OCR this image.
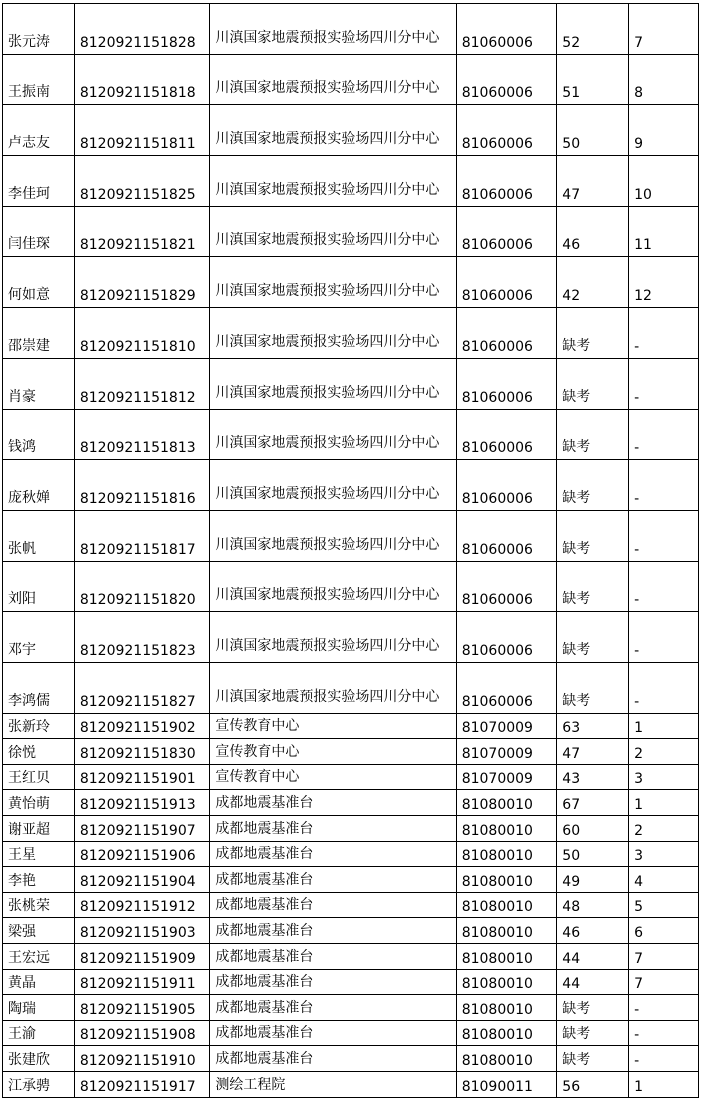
张元涛	8120921151828	川滇国家地震预报实验场四川分中心	81060006	52	7
王振南	8120921151818	川滇国家地震预报实验场四川分中心	81060006	51	8
卢志友	8120921151811	川滇国家地震预报实验场四川分中心	81060006	50	9
李佳珂	8120921151825	川滇国家地震预报实验场四川分中心	81060006	47	10
闫佳琛	8120921151821	川滇国家地震预报实验场四川分中心	81060006	46	11
何如意	8120921151829	川滇国家地震预报实验场四川分中心	81060006	42	12
邵崇建	8120921151810	川滇国家地震预报实验场四川分中心	81060006	缺考	-
肖豪	8120921151812	川滇国家地震预报实验场四川分中心	81060006	缺考	-
钱鸿	8120921151813	川滇国家地震预报实验场四川分中心	81060006	缺考	-
庞秋婵	8120921151816	川滇国家地震预报实验场四川分中心	81060006	缺考	-
张帆	8120921151817	川滇国家地震预报实验场四川分中心	81060006	缺考	-
刘阳	8120921151820	川滇国家地震预报实验场四川分中心	81060006	缺考	-
邓宇	8120921151823	川滇国家地震预报实验场四川分中心	81060006	缺考	-
李鸿儒	8120921151827	川滇国家地震预报实验场四川分中心	81060006	缺考	-
张新玲	8120921151902	宣传教育中心	81070009	63	1
徐悦	8120921151830	宣传教育中心	81070009	47	2
王红贝	8120921151901	宣传教育中心	81070009	43	3
黄怡萌	8120921151913	成都地震基准台	81080010	67	1
谢亚超	8120921151907	成都地震基准台	81080010	60	2
王星	8120921151906	成都地震基准台	81080010	50	3
李艳	8120921151904	成都地震基准台	81080010	49	4
张桃荣	8120921151912	成都地震基准台	81080010	48	5
梁强	8120921151903	成都地震基准台	81080010	46	6
王宏远	8120921151909	成都地震基准台	81080010	44	7
黄晶	8120921151911	成都地震基准台	81080010	44	7
陶瑞	8120921151905	成都地震基准台	81080010	缺考	-
王渝	8120921151908	成都地震基准台	81080010	缺考	-
张建欣	8120921151910	成都地震基准台	81080010	缺考	-
江承骋	8120921151917	测绘工程院	81090011	56	1
